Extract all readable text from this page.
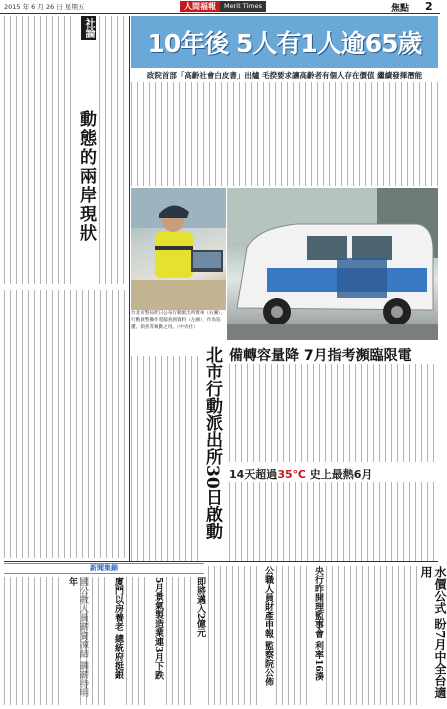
2015 年 6 月 26 日 星期五	人間福報	Merit Times	焦點 2
社論
動態的兩岸現狀
10年後 5人有1人逾65歲
政院首部「高齡社會白皮書」出爐 毛揆要求讓高齡者有個人存在價值 繼續發揮潛能
台北市警局昨日公布行動派出所實車（右圖），行動員警操作電腦查詢資料（左圖），作為巡邏、偵查等執勤之用。（中央社）
北市行動派出所30日啟動 備轉容量降 7月指考瀕臨限電
14天超過35℃ 史上最熱6月
新聞集錦
年	廈門以房養老 總統府挺銀	5月景氣製造業連3月下跌	即將邁入2億元	公職人員財產申報 監察院公佈	央行昨開理監事會 利率16湊	水價公式 盼7月中全台適用
